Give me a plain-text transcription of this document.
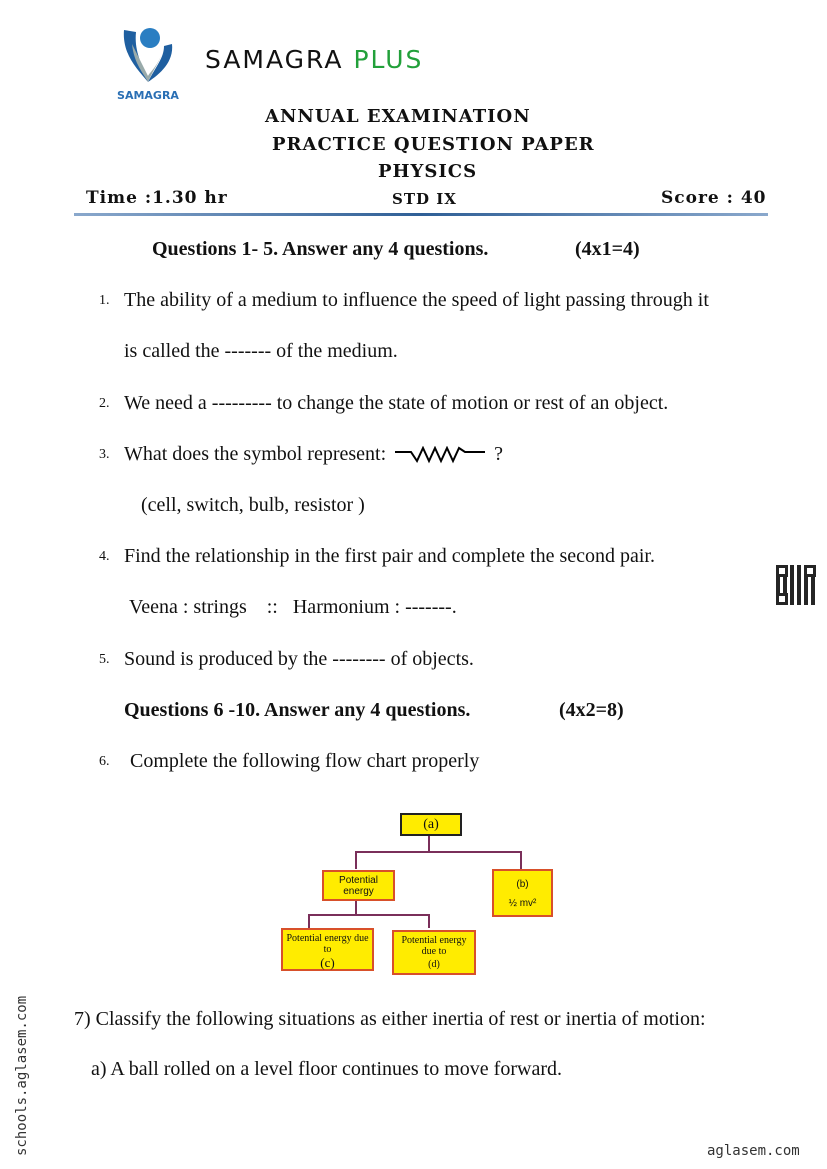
SAMAGRA
SAMAGRA PLUS
ANNUAL EXAMINATION
PRACTICE QUESTION PAPER
PHYSICS
Time :1.30 hr	STD IX	Score : 40
Questions 1- 5. Answer any 4 questions.	(4x1=4)
1. The ability of a medium to influence the speed of light passing through it
is called the ------- of the medium.
2. We need a --------- to change the state of motion or rest of an object.
3. What does the symbol represent:	?
(cell, switch, bulb, resistor )
4. Find the relationship in the first pair and complete the second pair.
Veena : strings    ::   Harmonium : -------.
5. Sound is produced by the -------- of objects.
Questions 6 -10. Answer any 4 questions.	(4x2=8)
6. Complete the following flow chart properly
(a)
Potential energy
(b)
½ mv²
Potential energy due to
(c)
Potential energy due to
(d)
7) Classify the following situations as either inertia of rest or inertia of motion:
a) A ball rolled on a level floor continues to move forward.
schools.aglasem.com	aglasem.com
